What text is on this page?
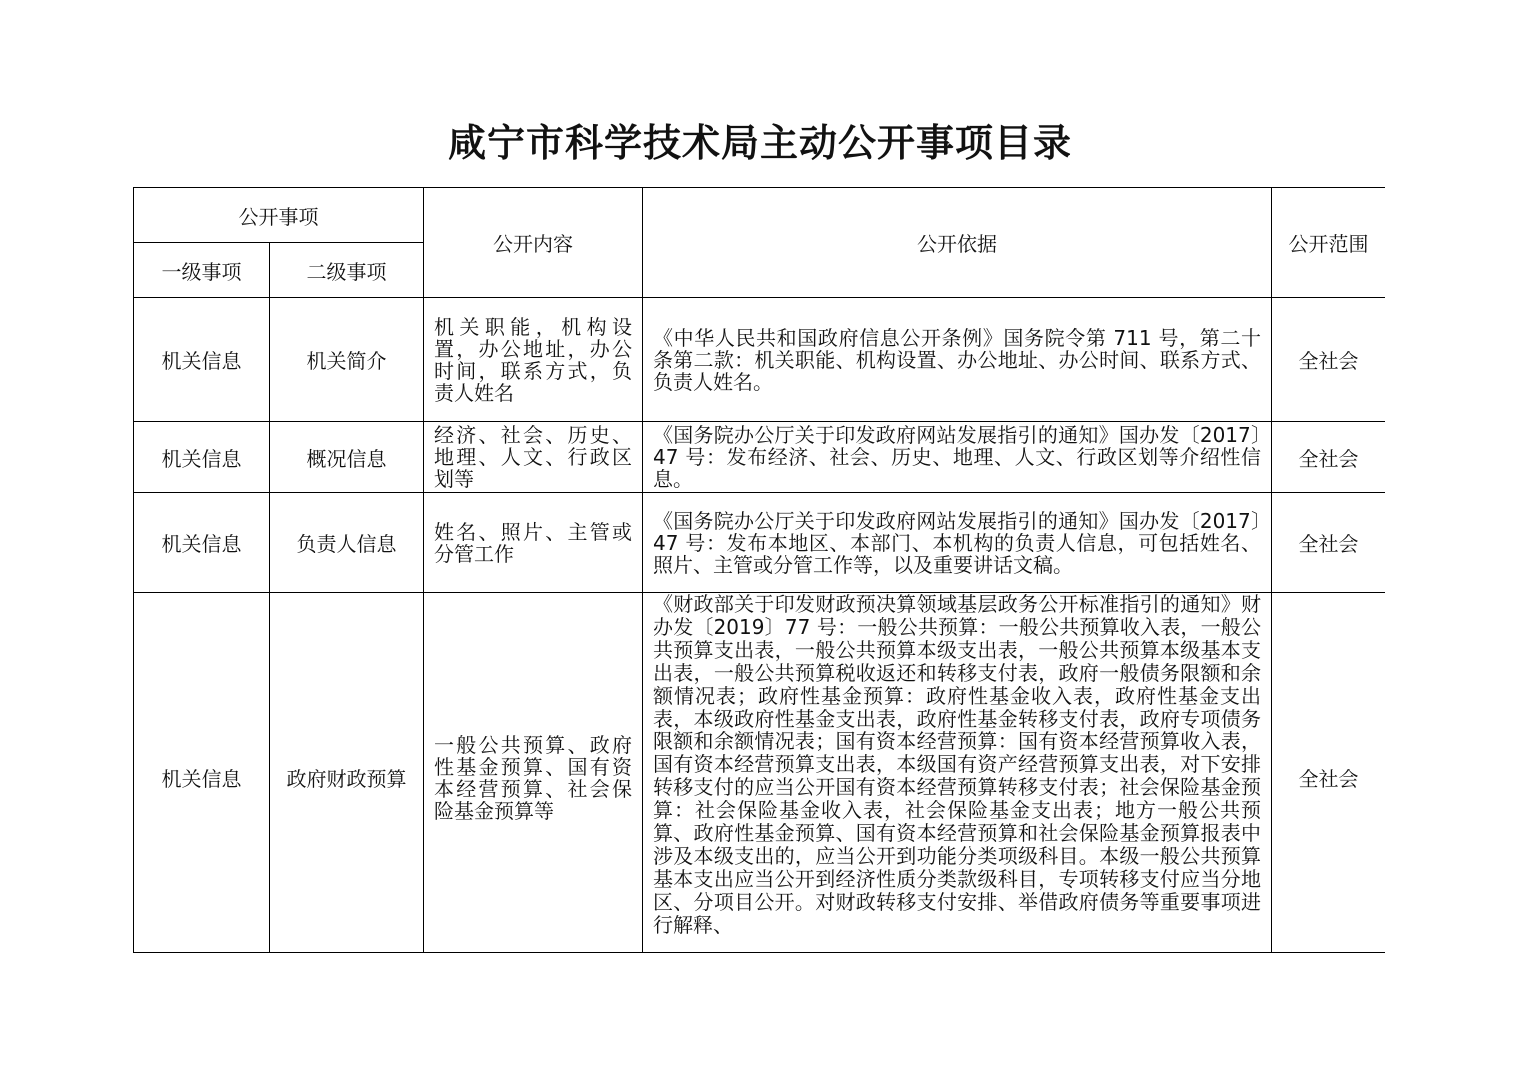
咸宁市科学技术局主动公开事项目录
公开事项		公开内容	公开依据	公开范围
一级事项	二级事项			
机关信息	机关简介	机关职能，机构设置，办公地址，办公时间，联系方式，负责人姓名	《中华人民共和国政府信息公开条例》国务院令第 711 号，第二十条第二款：机关职能、机构设置、办公地址、办公时间、联系方式、负责人姓名。	全社会
机关信息	概况信息	经济、社会、历史、地理、人文、行政区划等	《国务院办公厅关于印发政府网站发展指引的通知》国办发〔2017〕47 号：发布经济、社会、历史、地理、人文、行政区划等介绍性信息。	全社会
机关信息	负责人信息	姓名、照片、主管或分管工作	《国务院办公厅关于印发政府网站发展指引的通知》国办发〔2017〕47 号：发布本地区、本部门、本机构的负责人信息，可包括姓名、照片、主管或分管工作等，以及重要讲话文稿。	全社会
机关信息	政府财政预算	一般公共预算、政府性基金预算、国有资本经营预算、社会保险基金预算等	《财政部关于印发财政预决算领域基层政务公开标准指引的通知》财办发〔2019〕77 号：一般公共预算：一般公共预算收入表，一般公共预算支出表，一般公共预算本级支出表，一般公共预算本级基本支出表，一般公共预算税收返还和转移支付表，政府一般债务限额和余额情况表；政府性基金预算：政府性基金收入表，政府性基金支出表，本级政府性基金支出表，政府性基金转移支付表，政府专项债务限额和余额情况表；国有资本经营预算：国有资本经营预算收入表，国有资本经营预算支出表，本级国有资产经营预算支出表，对下安排转移支付的应当公开国有资本经营预算转移支付表；社会保险基金预算：社会保险基金收入表，社会保险基金支出表；地方一般公共预算、政府性基金预算、国有资本经营预算和社会保险基金预算报表中涉及本级支出的，应当公开到功能分类项级科目。本级一般公共预算基本支出应当公开到经济性质分类款级科目，专项转移支付应当分地区、分项目公开。对财政转移支付安排、举借政府债务等重要事项进行解释、	全社会
